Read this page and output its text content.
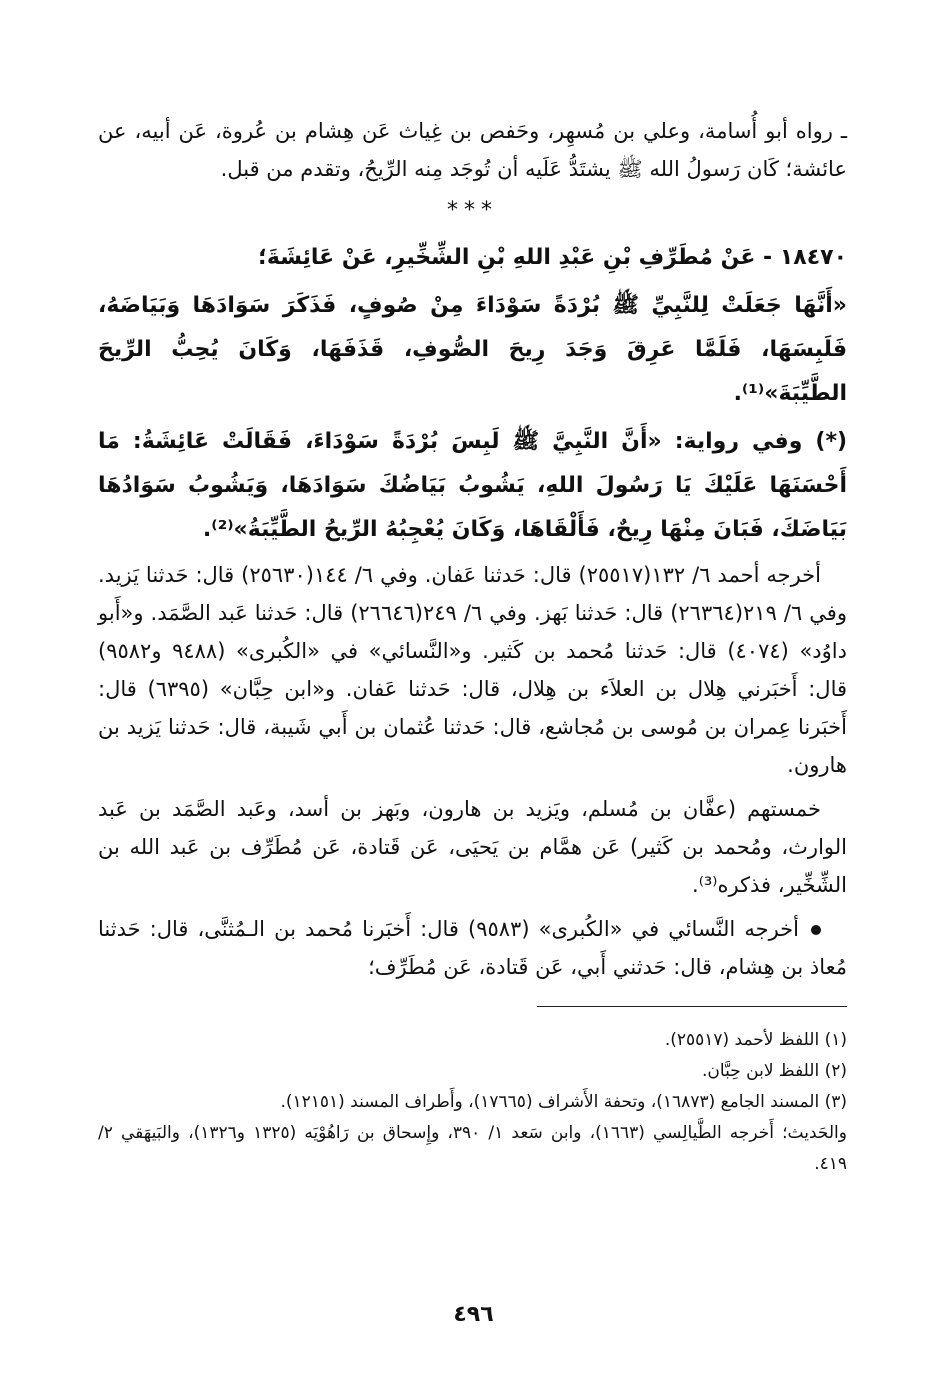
ـ رواه أبو أُسامة، وعلي بن مُسهِر، وحَفص بن غِياث عَن هِشام بن عُروة، عَن أبيه، عن عائشة؛ كَان رَسولُ الله ﷺ يشتَدُّ عَلَيه أن تُوجَد مِنه الرِّيحُ، وتقدم من قبل.

***

١٨٤٧٠ - عَنْ مُطَرِّفِ بْنِ عَبْدِ اللهِ بْنِ الشِّخِّيرِ، عَنْ عَائِشَةَ؛

«أَنَّهَا جَعَلَتْ لِلنَّبِيِّ ﷺ بُرْدَةً سَوْدَاءَ مِنْ صُوفٍ، فَذَكَرَ سَوَادَهَا وَبَيَاضَهُ، فَلَبِسَهَا، فَلَمَّا عَرِقَ وَجَدَ رِيحَ الصُّوفِ، قَذَفَهَا، وَكَانَ يُحِبُّ الرِّيحَ الطَّيِّبَةَ»⁽¹⁾.

(*) وفي رواية: «أَنَّ النَّبِيَّ ﷺ لَبِسَ بُرْدَةً سَوْدَاءَ، فَقَالَتْ عَائِشَةُ: مَا أَحْسَنَهَا عَلَيْكَ يَا رَسُولَ اللهِ، يَشُوبُ بَيَاضُكَ سَوَادَهَا، وَيَشُوبُ سَوَادُهَا بَيَاضَكَ، فَبَانَ مِنْهَا رِيحٌ، فَأَلْقَاهَا، وَكَانَ يُعْجِبُهُ الرِّيحُ الطَّيِّبَةُ»⁽²⁾.

أخرجه أحمد ٦/ ١٣٢(٢٥٥١٧) قال: حَدثنا عَفان. وفي ٦/ ١٤٤(٢٥٦٣٠) قال: حَدثنا يَزيد. وفي ٦/ ٢١٩(٢٦٣٦٤) قال: حَدثنا بَهز. وفي ٦/ ٢٤٩(٢٦٦٤٦) قال: حَدثنا عَبد الصَّمَد. و«أَبو داوُد» (٤٠٧٤) قال: حَدثنا مُحمد بن كَثير. و«النَّسائي» في «الكُبرى» (٩٤٨٨ و٩٥٨٢) قال: أَخبَرني هِلال بن العلاَء بن هِلال، قال: حَدثنا عَفان. و«ابن حِبَّان» (٦٣٩٥) قال: أَخبَرنا عِمران بن مُوسى بن مُجاشع، قال: حَدثنا عُثمان بن أَبي شَيبة، قال: حَدثنا يَزيد بن هارون.

خمستهم (عفَّان بن مُسلم، ويَزيد بن هارون، وبَهز بن أسد، وعَبد الصَّمَد بن عَبد الوارث، ومُحمد بن كَثير) عَن همَّام بن يَحيَى، عَن قَتادة، عَن مُطَرِّف بن عَبد الله بن الشِّخِّير، فذكره⁽³⁾.

أخرجه النَّسائي في «الكُبرى» (٩٥٨٣) قال: أَخبَرنا مُحمد بن الـمُثنَّى، قال: حَدثنا مُعاذ بن هِشام، قال: حَدثني أَبي، عَن قَتادة، عَن مُطَرِّف؛

(١) اللفظ لأحمد (٢٥٥١٧).

(٢) اللفظ لابن حِبَّان.

(٣) المسند الجامع (١٦٨٧٣)، وتحفة الأَشراف (١٧٦٦٥)، وأَطراف المسند (١٢١٥١).

والحَديث؛ أَخرجه الطَّيالِسي (١٦٦٣)، وابن سَعد ١/ ٣٩٠، وإِسحاق بن رَاهُوْيَه (١٣٢٥ و١٣٢٦)، والبَيهَقي ٢/ ٤١٩.

٤٩٦
